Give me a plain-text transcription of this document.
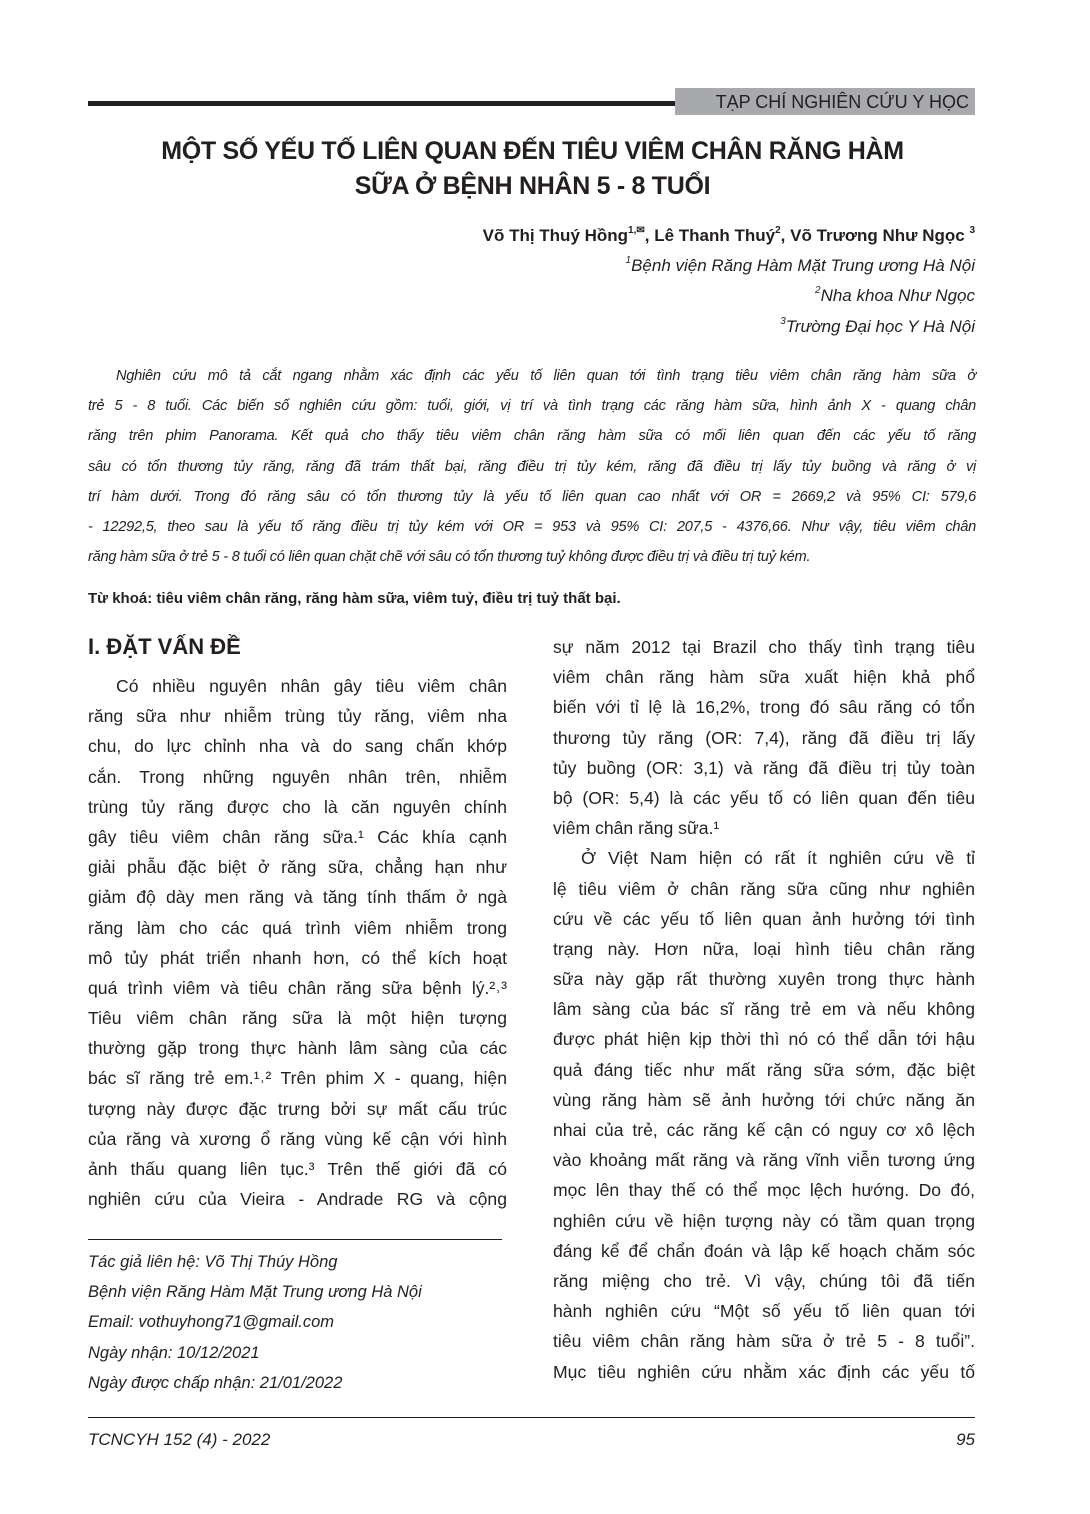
TẠP CHÍ NGHIÊN CỨU Y HỌC
MỘT SỐ YẾU TỐ LIÊN QUAN ĐẾN TIÊU VIÊM CHÂN RĂNG HÀM
SỮA Ở BỆNH NHÂN 5 - 8 TUỔI
Võ Thị Thuý Hồng$^{1,✉}$, Lê Thanh Thuý$^2$, Võ Trương Như Ngọc $^3$
$^1$Bệnh viện Răng Hàm Mặt Trung ương Hà Nội
$^2$Nha khoa Như Ngọc
$^3$Trường Đại học Y Hà Nội
Nghiên cứu mô tả cắt ngang nhằm xác định các yếu tố liên quan tới tình trạng tiêu viêm chân răng hàm sữa ở
trẻ 5 - 8 tuổi. Các biến số nghiên cứu gồm: tuổi, giới, vị trí và tình trạng các răng hàm sữa, hình ảnh X - quang chân
răng trên phim Panorama. Kết quả cho thấy tiêu viêm chân răng hàm sữa có mối liên quan đến các yếu tố răng
sâu có tổn thương tủy răng, răng đã trám thất bại, răng điều trị tủy kém, răng đã điều trị lấy tủy buồng và răng ở vị
trí hàm dưới. Trong đó răng sâu có tổn thương tủy là yếu tố liên quan cao nhất với OR = 2669,2 và 95% CI: 579,6
- 12292,5, theo sau là yếu tố răng điều trị tủy kém với OR = 953 và 95% CI: 207,5 - 4376,66. Như vậy, tiêu viêm chân
răng hàm sữa ở trẻ 5 - 8 tuổi có liên quan chặt chẽ với sâu có tổn thương tuỷ không được điều trị và điều trị tuỷ kém.
Từ khoá: tiêu viêm chân răng, răng hàm sữa, viêm tuỷ, điều trị tuỷ thất bại.
I. ĐẶT VẤN ĐỀ
Có nhiều nguyên nhân gây tiêu viêm chân
răng sữa như nhiễm trùng tủy răng, viêm nha
chu, do lực chỉnh nha và do sang chấn khớp
cắn. Trong những nguyên nhân trên, nhiễm
trùng tủy răng được cho là căn nguyên chính
gây tiêu viêm chân răng sữa.¹ Các khía cạnh
giải phẫu đặc biệt ở răng sữa, chẳng hạn như
giảm độ dày men răng và tăng tính thấm ở ngà
răng làm cho các quá trình viêm nhiễm trong
mô tủy phát triển nhanh hơn, có thể kích hoạt
quá trình viêm và tiêu chân răng sữa bệnh lý.²˒³
Tiêu viêm chân răng sữa là một hiện tượng
thường gặp trong thực hành lâm sàng của các
bác sĩ răng trẻ em.¹˒² Trên phim X - quang, hiện
tượng này được đặc trưng bởi sự mất cấu trúc
của răng và xương ổ răng vùng kế cận với hình
ảnh thấu quang liên tục.³ Trên thế giới đã có
nghiên cứu của Vieira - Andrade RG và cộng
sự năm 2012 tại Brazil cho thấy tình trạng tiêu
viêm chân răng hàm sữa xuất hiện khả phổ
biến với tỉ lệ là 16,2%, trong đó sâu răng có tổn
thương tủy răng (OR: 7,4), răng đã điều trị lấy
tủy buồng (OR: 3,1) và răng đã điều trị tủy toàn
bộ (OR: 5,4) là các yếu tố có liên quan đến tiêu
viêm chân răng sữa.¹
Ở Việt Nam hiện có rất ít nghiên cứu về tỉ
lệ tiêu viêm ở chân răng sữa cũng như nghiên
cứu về các yếu tố liên quan ảnh hưởng tới tình
trạng này. Hơn nữa, loại hình tiêu chân răng
sữa này gặp rất thường xuyên trong thực hành
lâm sàng của bác sĩ răng trẻ em và nếu không
được phát hiện kịp thời thì nó có thể dẫn tới hậu
quả đáng tiếc như mất răng sữa sớm, đặc biệt
vùng răng hàm sẽ ảnh hưởng tới chức năng ăn
nhai của trẻ, các răng kế cận có nguy cơ xô lệch
vào khoảng mất răng và răng vĩnh viễn tương ứng
mọc lên thay thế có thể mọc lệch hướng. Do đó,
nghiên cứu về hiện tượng này có tầm quan trọng
đáng kể để chẩn đoán và lập kế hoạch chăm sóc
răng miệng cho trẻ. Vì vậy, chúng tôi đã tiến
hành nghiên cứu “Một số yếu tố liên quan tới
tiêu viêm chân răng hàm sữa ở trẻ 5 - 8 tuổi”.
Mục tiêu nghiên cứu nhằm xác định các yếu tố
Tác giả liên hệ: Võ Thị Thúy Hồng
Bệnh viện Răng Hàm Mặt Trung ương Hà Nội
Email: vothuyhong71@gmail.com
Ngày nhận: 10/12/2021
Ngày được chấp nhận: 21/01/2022
TCNCYH 152 (4) - 2022	95
